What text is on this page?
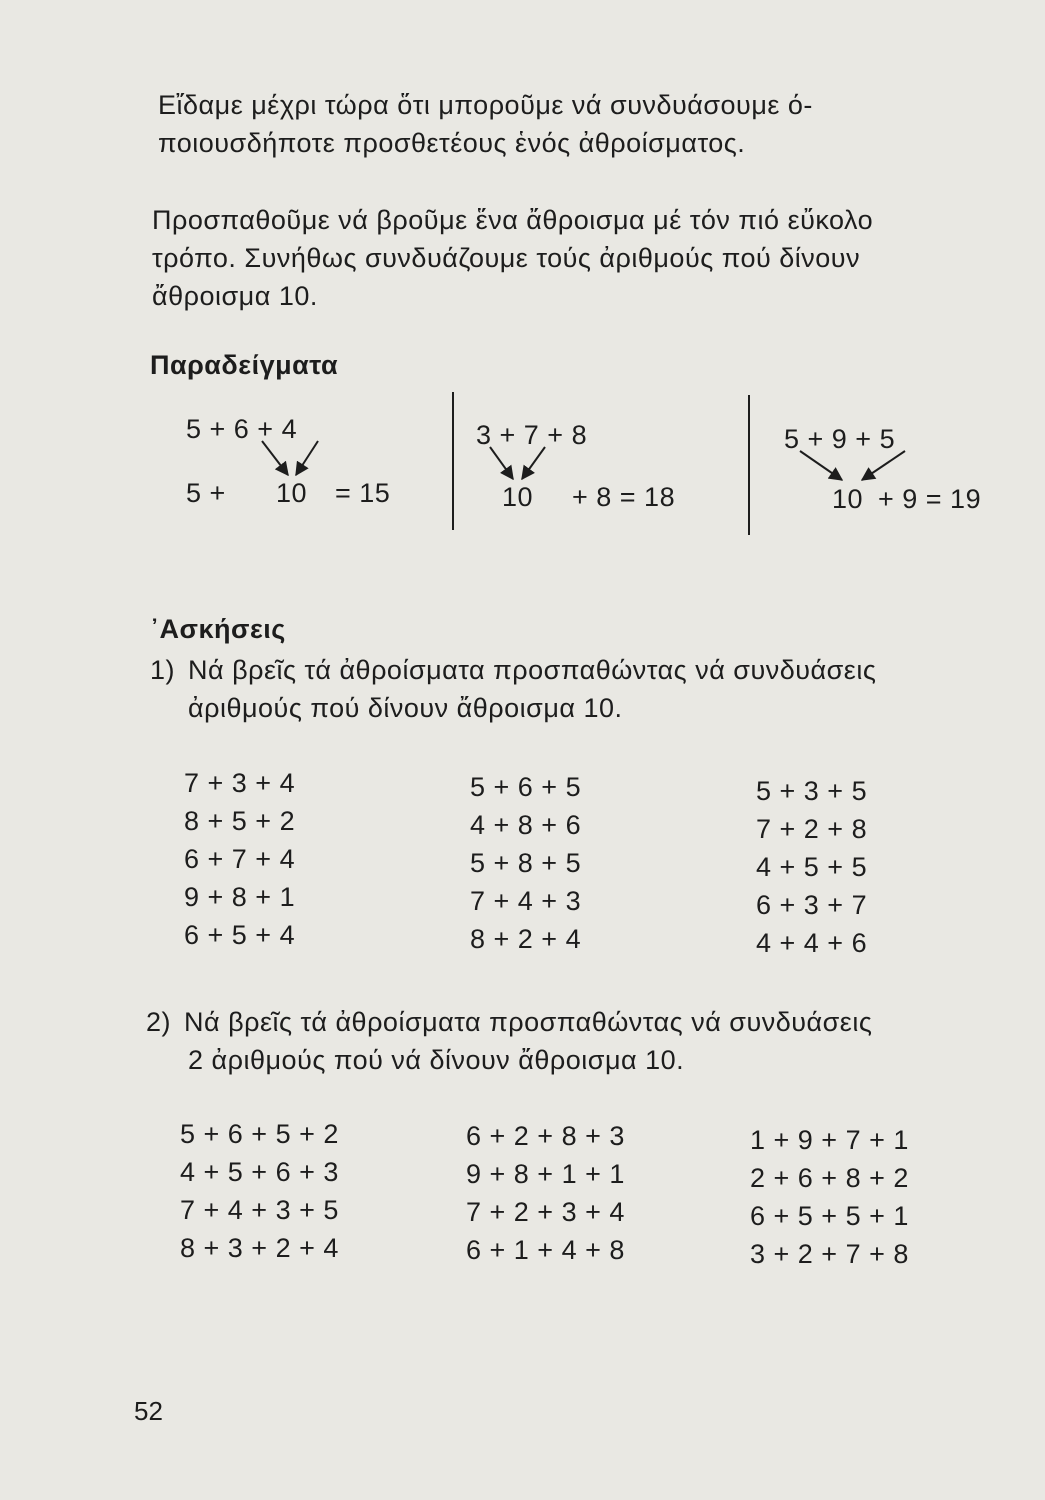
Εἴδαμε μέχρι τώρα ὅτι μποροῦμε νά συνδυάσουμε ό-
ποιουσδήποτε προσθετέους ἑνός ἀθροίσματος.
Προσπαθοῦμε νά βροῦμε ἕνα ἄθροισμα μέ τόν πιό εὔκολο
τρόπο. Συνήθως συνδυάζουμε τούς ἀριθμούς πού δίνουν
ἄθροισμα 10.
Παραδείγματα
5 + 6 + 4
5 + 10 = 15
3 + 7 + 8
10 + 8 = 18
5 + 9 + 5
10 + 9 = 19
᾿Ασκήσεις
1) Νά βρεῖς τά ἀθροίσματα προσπαθώντας νά συνδυάσεις
ἀριθμούς πού δίνουν ἄθροισμα 10.
7 + 3 + 4
8 + 5 + 2
6 + 7 + 4
9 + 8 + 1
6 + 5 + 4
5 + 6 + 5
4 + 8 + 6
5 + 8 + 5
7 + 4 + 3
8 + 2 + 4
5 + 3 + 5
7 + 2 + 8
4 + 5 + 5
6 + 3 + 7
4 + 4 + 6
2) Νά βρεῖς τά ἀθροίσματα προσπαθώντας νά συνδυάσεις
2 ἀριθμούς πού νά δίνουν ἄθροισμα 10.
5 + 6 + 5 + 2
4 + 5 + 6 + 3
7 + 4 + 3 + 5
8 + 3 + 2 + 4
6 + 2 + 8 + 3
9 + 8 + 1 + 1
7 + 2 + 3 + 4
6 + 1 + 4 + 8
1 + 9 + 7 + 1
2 + 6 + 8 + 2
6 + 5 + 5 + 1
3 + 2 + 7 + 8
52
